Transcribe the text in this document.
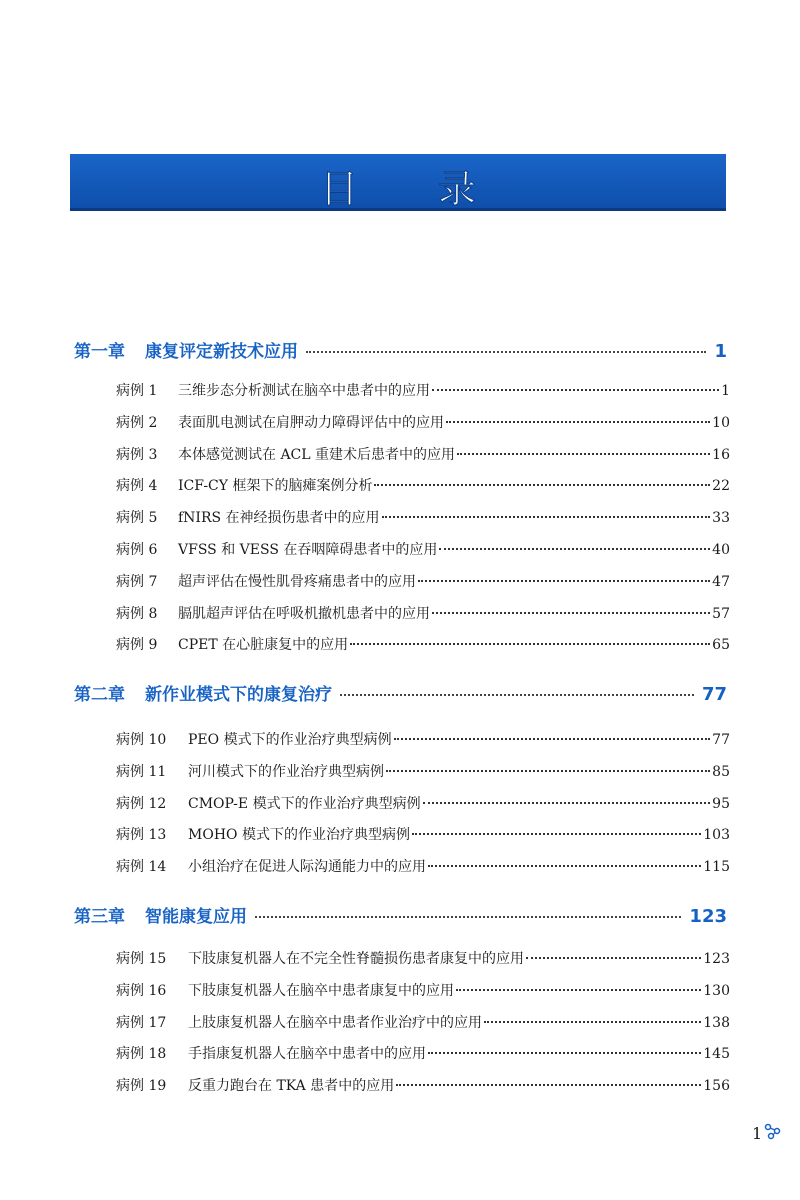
目 录
第一章 康复评定新技术应用	1
病例 1	三维步态分析测试在脑卒中患者中的应用	1
病例 2	表面肌电测试在肩胛动力障碍评估中的应用	10
病例 3	本体感觉测试在 ACL 重建术后患者中的应用	16
病例 4	ICF-CY 框架下的脑瘫案例分析	22
病例 5	fNIRS 在神经损伤患者中的应用	33
病例 6	VFSS 和 VESS 在吞咽障碍患者中的应用	40
病例 7	超声评估在慢性肌骨疼痛患者中的应用	47
病例 8	膈肌超声评估在呼吸机撤机患者中的应用	57
病例 9	CPET 在心脏康复中的应用	65
第二章 新作业模式下的康复治疗	77
病例 10	PEO 模式下的作业治疗典型病例	77
病例 11	河川模式下的作业治疗典型病例	85
病例 12	CMOP-E 模式下的作业治疗典型病例	95
病例 13	MOHO 模式下的作业治疗典型病例	103
病例 14	小组治疗在促进人际沟通能力中的应用	115
第三章 智能康复应用	123
病例 15	下肢康复机器人在不完全性脊髓损伤患者康复中的应用	123
病例 16	下肢康复机器人在脑卒中患者康复中的应用	130
病例 17	上肢康复机器人在脑卒中患者作业治疗中的应用	138
病例 18	手指康复机器人在脑卒中患者中的应用	145
病例 19	反重力跑台在 TKA 患者中的应用	156
1
